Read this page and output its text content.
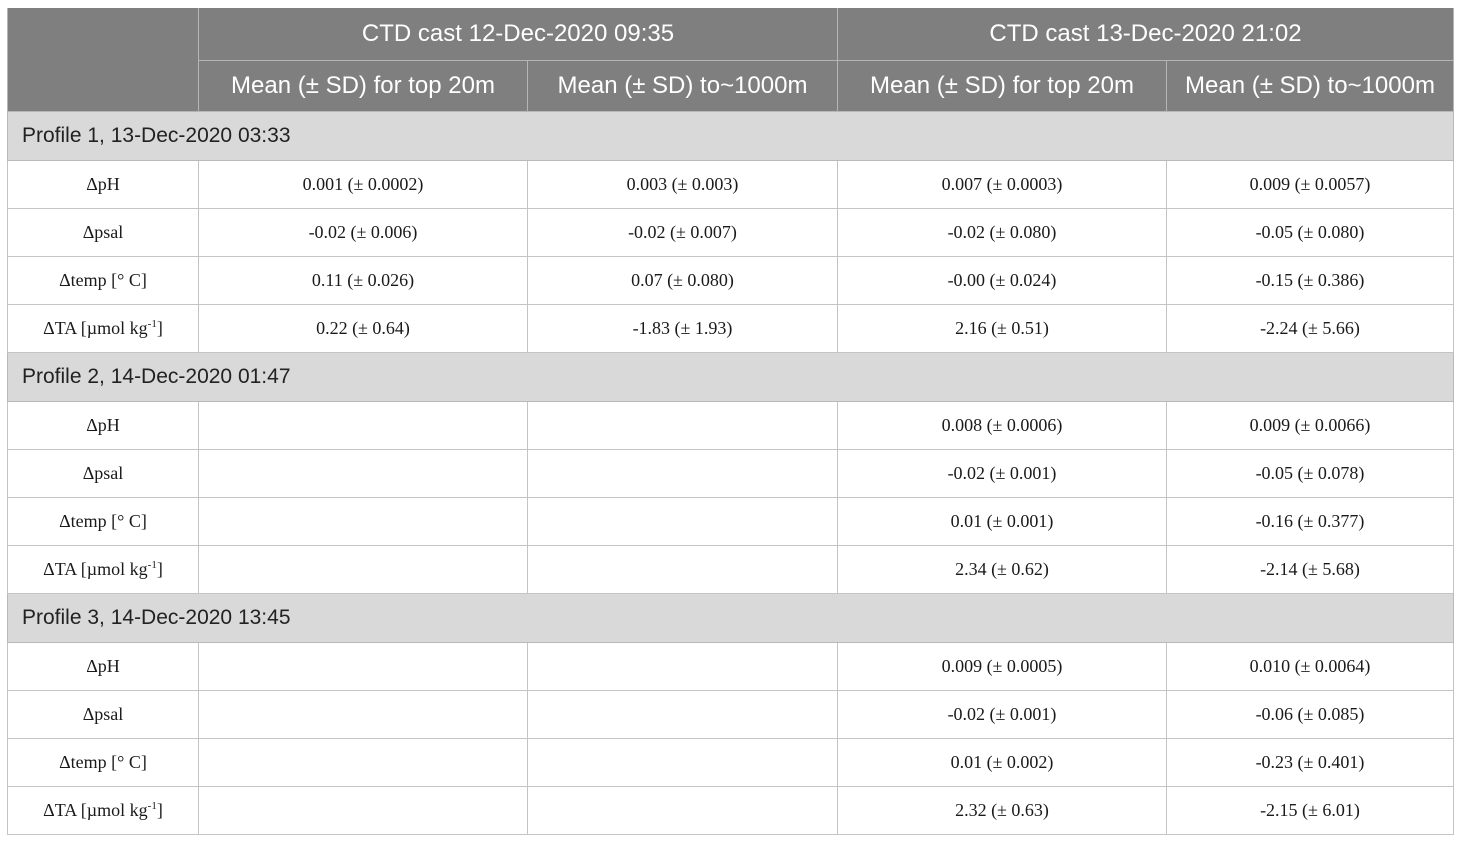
	CTD cast 12-Dec-2020 09:35		CTD cast 13-Dec-2020 21:02	
	Mean (± SD) for top 20m	Mean (± SD) to~1000m	Mean (± SD) for top 20m	Mean (± SD) to~1000m
Profile 1, 13-Dec-2020 03:33				
ΔpH	0.001 (± 0.0002)	0.003 (± 0.003)	0.007 (± 0.0003)	0.009 (± 0.0057)
Δpsal	-0.02 (± 0.006)	-0.02 (± 0.007)	-0.02 (± 0.080)	-0.05 (± 0.080)
Δtemp [° C]	0.11 (± 0.026)	0.07 (± 0.080)	-0.00 (± 0.024)	-0.15 (± 0.386)
ΔTA [µmol $kg^{-1}$]	0.22 (± 0.64)	-1.83 (± 1.93)	2.16 (± 0.51)	-2.24 (± 5.66)
Profile 2, 14-Dec-2020 01:47				
ΔpH			0.008 (± 0.0006)	0.009 (± 0.0066)
Δpsal			-0.02 (± 0.001)	-0.05 (± 0.078)
Δtemp [° C]			0.01 (± 0.001)	-0.16 (± 0.377)
ΔTA [µmol $kg^{-1}$]			2.34 (± 0.62)	-2.14 (± 5.68)
Profile 3, 14-Dec-2020 13:45				
ΔpH			0.009 (± 0.0005)	0.010 (± 0.0064)
Δpsal			-0.02 (± 0.001)	-0.06 (± 0.085)
Δtemp [° C]			0.01 (± 0.002)	-0.23 (± 0.401)
ΔTA [µmol $kg^{-1}$]			2.32 (± 0.63)	-2.15 (± 6.01)
